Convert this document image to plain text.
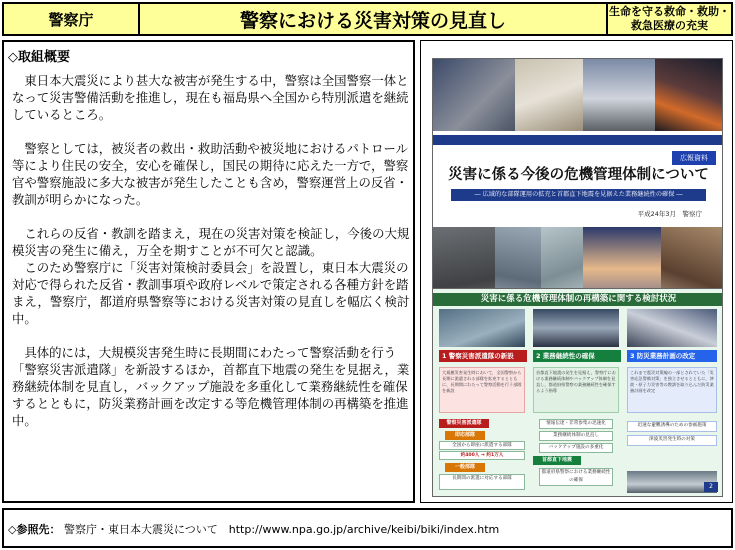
警察庁	警察における災害対策の見直し	生命を守る救命・救助・
救急医療の充実
◇取組概要

東日本大震災により甚大な被害が発生する中，警察は全国警察一体となって災害警備活動を推進し，現在も福島県へ全国から特別派遣を継続しているところ。

警察としては，被災者の救出・救助活動や被災地におけるパトロール等により住民の安全，安心を確保し，国民の期待に応えた一方で，警察官や警察施設に多大な被害が発生したことも含め，警察運営上の反省・教訓が明らかになった。

これらの反省・教訓を踏まえ，現在の災害対策を検証し，今後の大規模災害の発生に備え，万全を期すことが不可欠と認識。

このため警察庁に「災害対策検討委員会」を設置し，東日本大震災の対応で得られた反省・教訓事項や政府レベルで策定される各種方針を踏まえ，警察庁，都道府県警察等における災害対策の見直しを幅広く検討中。

具体的には，大規模災害発生時に長期間にわたって警察活動を行う「警察災害派遣隊」を新設するほか，首都直下地震の発生を見据え，業務継続体制を見直し，バックアップ施設を多重化して業務継続性を確保するとともに，防災業務計画を改定する等危機管理体制の再構築を推進中。

広報資料
災害に係る今後の危機管理体制について
― 広域的な部隊運用の拡充と首都直下地震を見据えた業務継続性の確保 ―
平成24年3月　警察庁
災害に係る危機管理体制の再構築に関する検討状況
1 警察災害派遣隊の新設	2 業務継続性の確保	3 防災業務計画の改定
大規模災害発生時において，全国警察から長期に派遣される部隊を拡充するとともに，長期間にわたって警察活動を行う部隊を新設
首都直下地震の発生を見据え，警察庁における業務継続体制やバックアップ体制を見直し，都道府県警察の業務継続性を確保するよう指導
これまで震災対策編の一部とされていた「災害応急警備対策」を独立させるとともに，津波・原子力災害等の教訓を取り込んだ防災業務計画を改定
警察災害派遣隊
即応部隊
全国から即座に派遣する部隊
約400人 → 約1万人
一般部隊
長期間の派遣に対応する部隊
情報伝達・非常参集の迅速化
業務継続体制の見直し
バックアップ施設の多重化
首都直下地震
都道府県警察における業務継続性の確保
迅速な避難誘導のための参画施策
津波災害発生時の対策
2
◇参照先： 警察庁・東日本大震災について　http://www.npa.go.jp/archive/keibi/biki/index.htm
